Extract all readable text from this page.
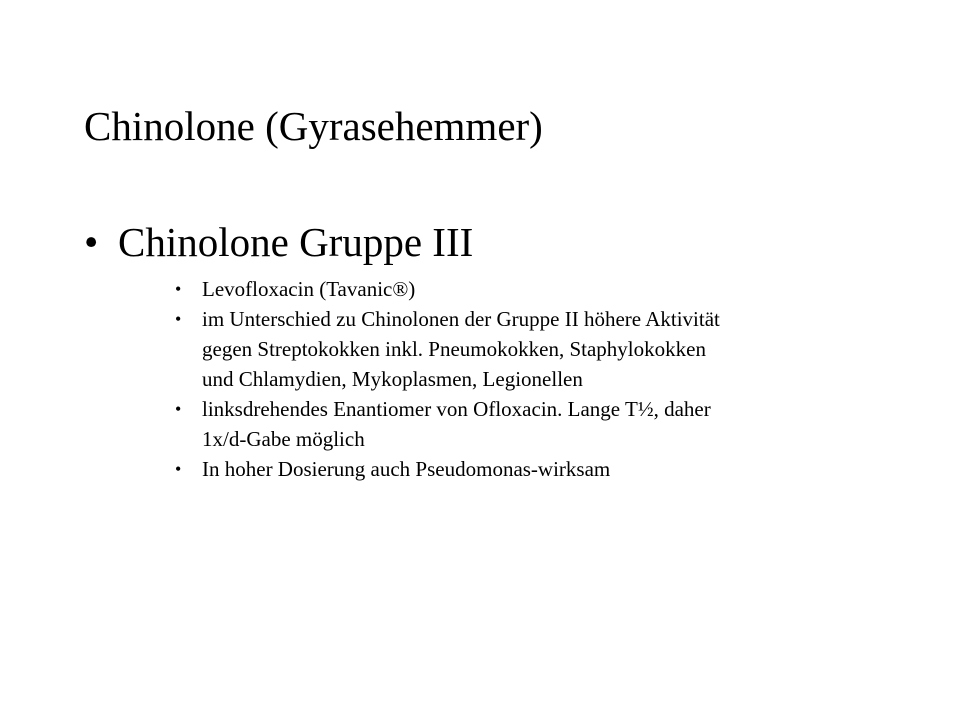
Chinolone (Gyrasehemmer)
• Chinolone Gruppe III
• Levofloxacin (Tavanic®)
• im Unterschied zu Chinolonen der Gruppe II höhere Aktivität
gegen Streptokokken inkl. Pneumokokken, Staphylokokken
und Chlamydien, Mykoplasmen, Legionellen
• linksdrehendes Enantiomer von Ofloxacin. Lange T½, daher
1x/d-Gabe möglich
• In hoher Dosierung auch Pseudomonas-wirksam
